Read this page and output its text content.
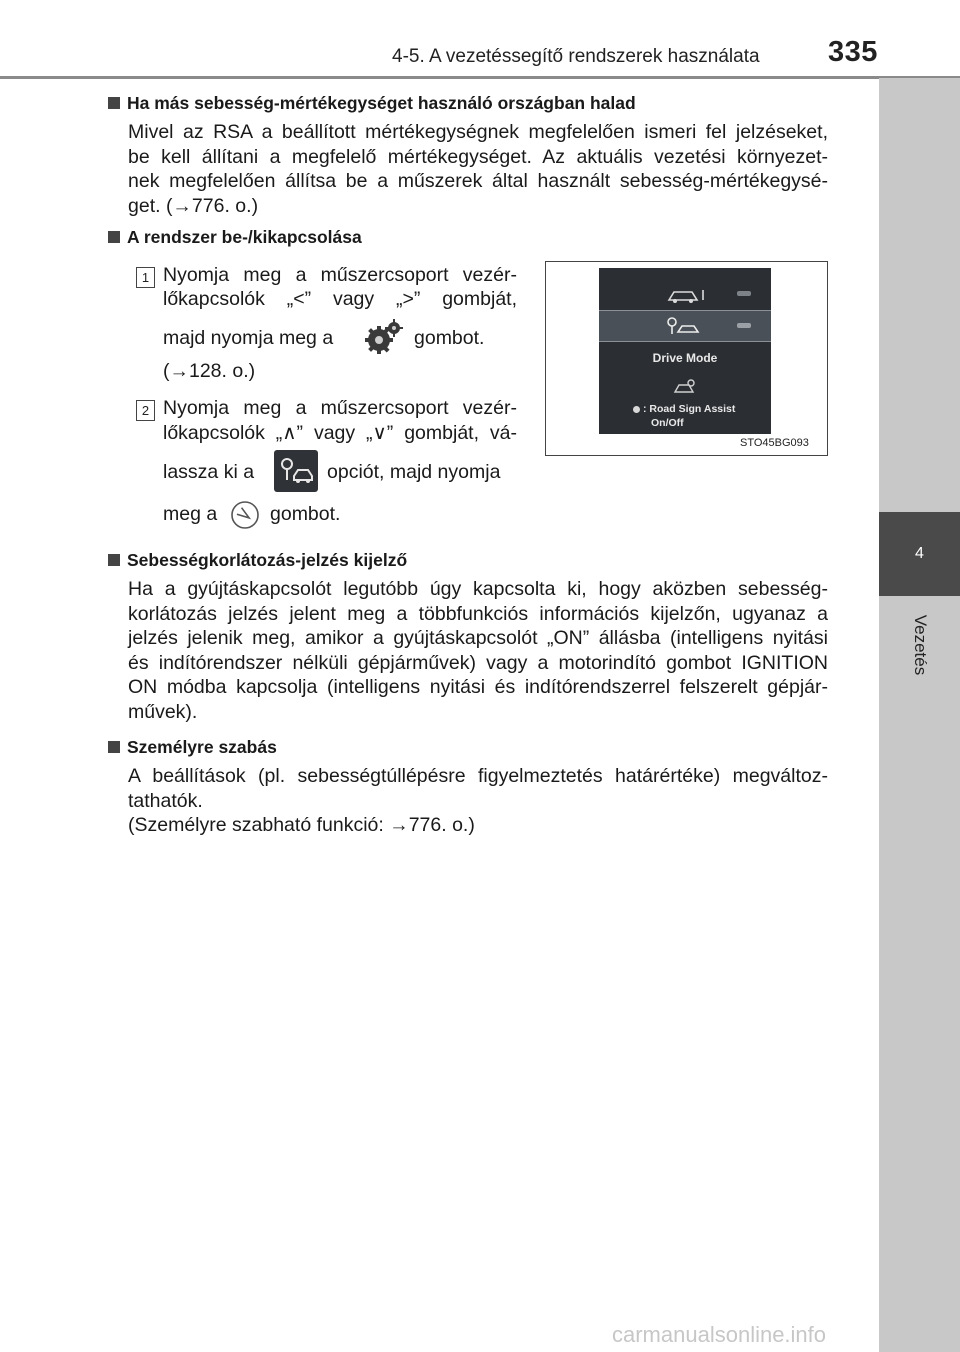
4-5. A vezetéssegítő rendszerek használata 335
4
Vezetés
Ha más sebesség-mértékegységet használó országban halad
Mivel az RSA a beállított mértékegységnek megfelelően ismeri fel jelzéseket,
be kell állítani a megfelelő mértékegységet. Az aktuális vezetési környezet-
nek megfelelően állítsa be a műszerek által használt sebesség-mértékegysé-
get. (→776. o.)
A rendszer be-/kikapcsolása
1 Nyomja meg a műszercsoport vezér-
lőkapcsolók „<” vagy „>” gombját,
majd nyomja meg a	gombot.
(→128. o.)
2 Nyomja meg a műszercsoport vezér-
lőkapcsolók „∧” vagy „∨” gombját, vá-
lassza ki a	opciót, majd nyomja
meg a	gombot.
Drive Mode
: Road Sign Assist
On/Off
STO45BG093
Sebességkorlátozás-jelzés kijelző
Ha a gyújtáskapcsolót legutóbb úgy kapcsolta ki, hogy aközben sebesség-
korlátozás jelzés jelent meg a többfunkciós információs kijelzőn, ugyanaz a
jelzés jelenik meg, amikor a gyújtáskapcsolót „ON” állásba (intelligens nyitási
és indítórendszer nélküli gépjárművek) vagy a motorindító gombot IGNITION
ON módba kapcsolja (intelligens nyitási és indítórendszerrel felszerelt gépjár-
művek).
Személyre szabás
A beállítások (pl. sebességtúllépésre figyelmeztetés határértéke) megváltoz-
tathatók.
(Személyre szabható funkció: →776. o.)
carmanualsonline.info
